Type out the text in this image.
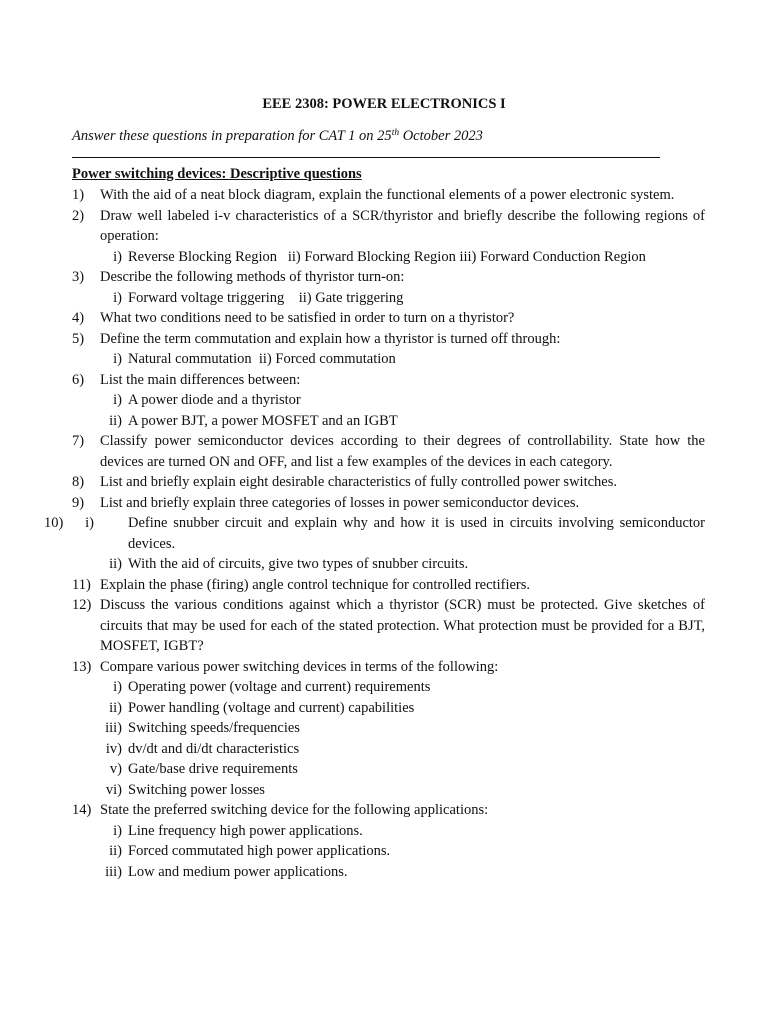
EEE 2308: POWER ELECTRONICS I
Answer these questions in preparation for CAT 1 on 25th October 2023
Power switching devices: Descriptive questions
1) With the aid of a neat block diagram, explain the functional elements of a power electronic system.
2) Draw well labeled i-v characteristics of a SCR/thyristor and briefly describe the following regions of operation:
i) Reverse Blocking Region   ii) Forward Blocking Region iii) Forward Conduction Region
3) Describe the following methods of thyristor turn-on:
i) Forward voltage triggering    ii) Gate triggering
4) What two conditions need to be satisfied in order to turn on a thyristor?
5) Define the term commutation and explain how a thyristor is turned off through:
i) Natural commutation  ii) Forced commutation
6) List the main differences between:
i) A power diode and a thyristor
ii) A power BJT, a power MOSFET and an IGBT
7) Classify power semiconductor devices according to their degrees of controllability. State how the devices are turned ON and OFF, and list a few examples of the devices in each category.
8) List and briefly explain eight desirable characteristics of fully controlled power switches.
9) List and briefly explain three categories of losses in power semiconductor devices.
10)	i)	Define snubber circuit and explain why and how it is used in circuits involving semiconductor devices.
ii) With the aid of circuits, give two types of snubber circuits.
11) Explain the phase (firing) angle control technique for controlled rectifiers.
12) Discuss the various conditions against which a thyristor (SCR) must be protected. Give sketches of circuits that may be used for each of the stated protection. What protection must be provided for a BJT, MOSFET, IGBT?
13) Compare various power switching devices in terms of the following:
i) Operating power (voltage and current) requirements
ii) Power handling (voltage and current) capabilities
iii) Switching speeds/frequencies
iv) dv/dt and di/dt characteristics
v) Gate/base drive requirements
vi) Switching power losses
14) State the preferred switching device for the following applications:
i) Line frequency high power applications.
ii) Forced commutated high power applications.
iii) Low and medium power applications.
